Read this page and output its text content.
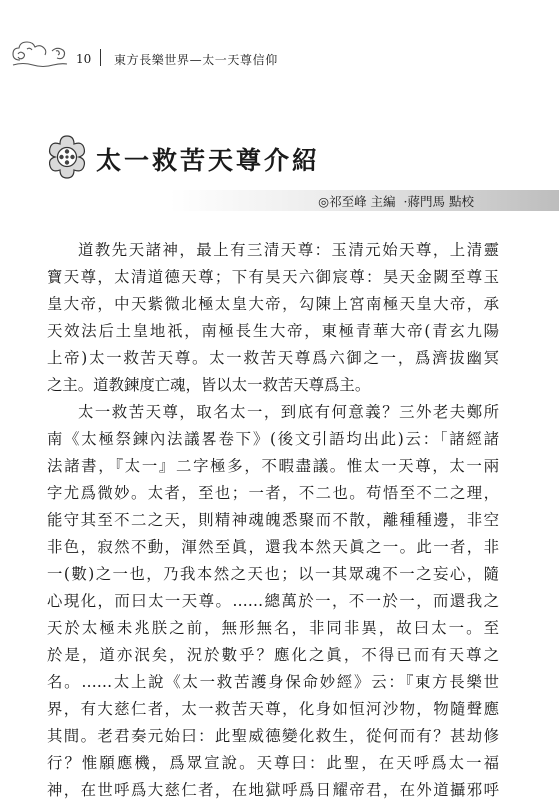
10 東方長樂世界—太一天尊信仰
太一救苦天尊介紹
◎祁至峰 主編 ·蔣門馬 點校

道教先天諸神，最上有三清天尊：玉清元始天尊，上清靈
寶天尊，太清道德天尊；下有昊天六御宸尊：昊天金闕至尊玉
皇大帝，中天紫微北極太皇大帝，勾陳上宮南極天皇大帝，承
天效法后土皇地祇，南極長生大帝，東極青華大帝(青玄九陽
上帝)太一救苦天尊。太一救苦天尊爲六御之一，爲濟拔幽冥
之主。道教鍊度亡魂，皆以太一救苦天尊爲主。

太一救苦天尊，取名太一，到底有何意義？三外老夫鄭所
南《太極祭鍊內法議畧卷下》(後文引語均出此)云：「諸經諸
法諸書，『太一』二字極多，不暇盡議。惟太一天尊，太一兩
字尤爲微妙。太者，至也；一者，不二也。苟悟至不二之理，
能守其至不二之天，則精神魂魄悉聚而不散，離種種邊，非空
非色，寂然不動，渾然至眞，還我本然天眞之一。此一者，非
一(數)之一也，乃我本然之天也；以一其眾魂不一之妄心，隨
心現化，而曰太一天尊。……總萬於一，不一於一，而還我之
天於太極未兆朕之前，無形無名，非同非異，故曰太一。至
於是，道亦泯矣，況於數乎？應化之眞，不得已而有天尊之
名。……太上說《太一救苦護身保命妙經》云：『東方長樂世
界，有大慈仁者，太一救苦天尊，化身如恒河沙物，物隨聲應
其間。老君奏元始曰：此聖威德變化救生，從何而有？甚劫修
行？惟願應機，爲眾宣說。天尊曰：此聖，在天呼爲太一福
神，在世呼爲大慈仁者，在地獄呼爲日耀帝君，在外道攝邪呼
